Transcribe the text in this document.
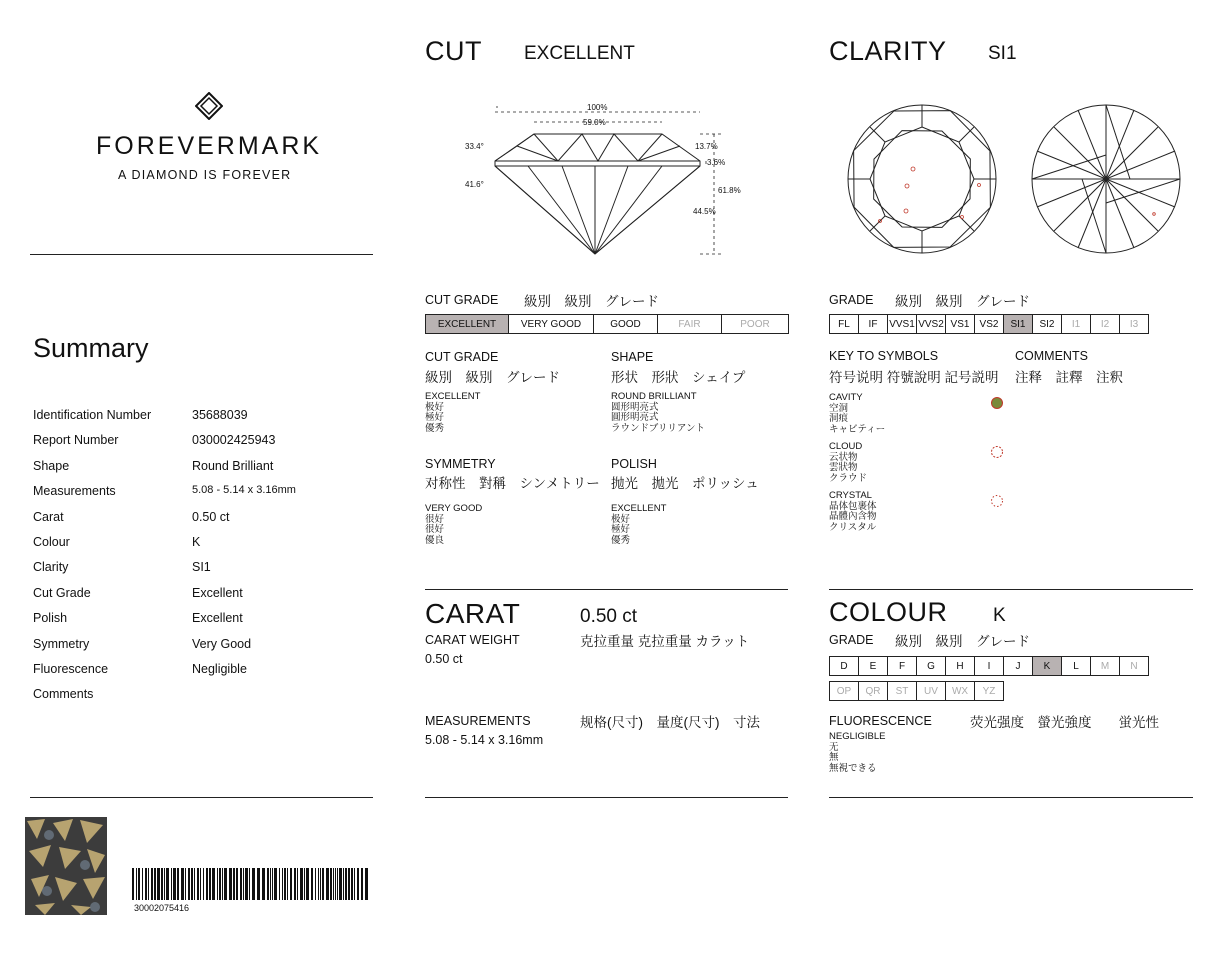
FOREVERMARK
A DIAMOND IS FOREVER
Summary
Identification Number	35688039
Report Number	030002425943
Shape	Round Brilliant
Measurements	5.08 - 5.14 x 3.16mm
Carat	0.50 ct
Colour	K
Clarity	SI1
Cut Grade	Excellent
Polish	Excellent
Symmetry	Very Good
Fluorescence	Negligible
Comments
30002075416
CUT EXCELLENT
100%
59.0%
33.4°
41.6°
13.7%
3.6%
61.8%
44.5%
CUT GRADE 級別　級別　グレード
EXCELLENT	VERY GOOD	GOOD	FAIR	POOR
CUT GRADE
級別　級別　グレード
EXCELLENT
极好
極好
優秀
SHAPE
形状　形狀　シェイプ
ROUND BRILLIANT
圆形明亮式
圓形明亮式
ラウンドブリリアント
SYMMETRY
对称性　對稱　シンメトリー
VERY GOOD
很好
很好
優良
POLISH
抛光　拋光　ポリッシュ
EXCELLENT
极好
極好
優秀
CARAT	0.50 ct
CARAT WEIGHT	克拉重量 克拉重量 カラット
0.50 ct
MEASUREMENTS	规格(尺寸)　量度(尺寸)　寸法
5.08 - 5.14 x 3.16mm
CLARITY SI1
GRADE 級別　級別　グレード
FL	IF	VVS1 VVS2 VS1	VS2	SI1	SI2	I1	I2	I3
KEY TO SYMBOLS
符号说明 符號說明 記号説明
COMMENTS
注释　註釋　注釈
CAVITY
空洞
洞痕
キャビティー
CLOUD
云状物
雲狀物
クラウド
CRYSTAL
晶体包裹体
晶體內含物
クリスタル
COLOUR K
GRADE 級別　級別　グレード
D	E	F	G	H	I	J	K	L	M	N
OP	QR	ST	UV	WX	YZ
FLUORESCENCE	荧光强度　螢光強度　　蛍光性
NEGLIGIBLE
无
無
無視できる
